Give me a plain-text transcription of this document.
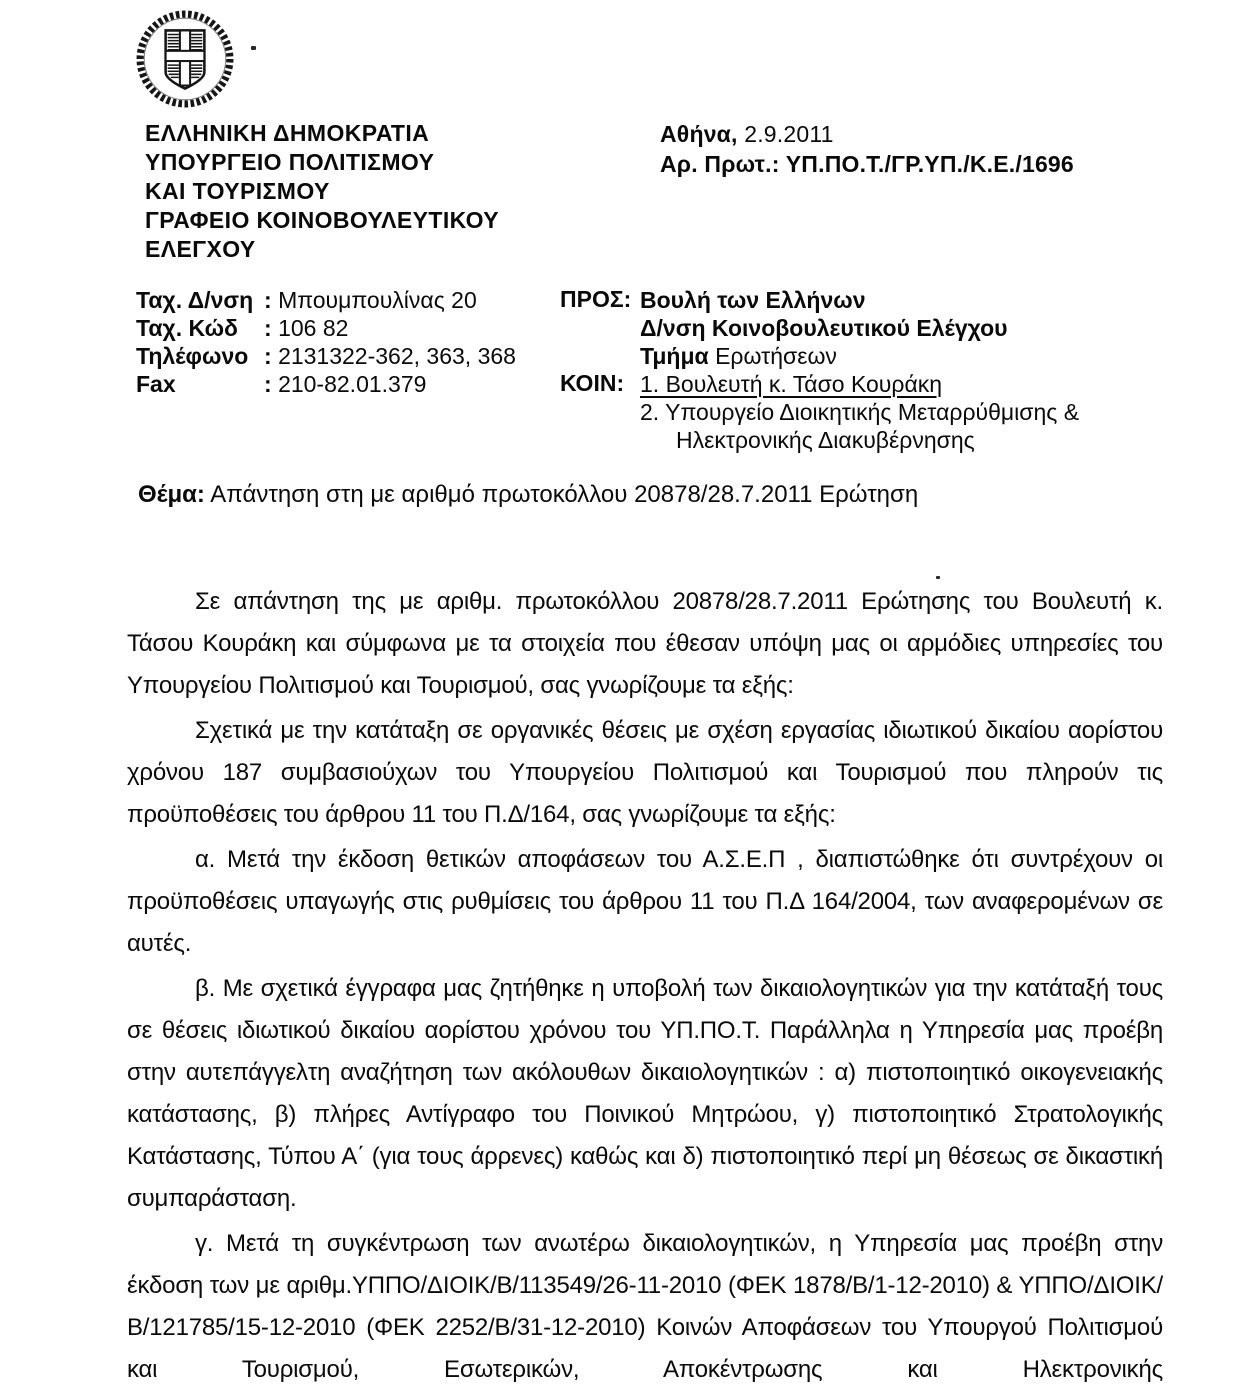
ΕΛΛΗΝΙΚΗ ΔΗΜΟΚΡΑΤΙΑ
ΥΠΟΥΡΓΕΙΟ ΠΟΛΙΤΙΣΜΟΥ
ΚΑΙ ΤΟΥΡΙΣΜΟΥ
ΓΡΑΦΕΙΟ ΚΟΙΝΟΒΟΥΛΕΥΤΙΚΟΥ
ΕΛΕΓΧΟΥ
Αθήνα, 2.9.2011
Αρ. Πρωτ.: ΥΠ.ΠΟ.Τ./ΓΡ.ΥΠ./Κ.Ε./1696
Ταχ. Δ/νση : Μπουμπουλίνας 20
Ταχ. Κώδ : 106 82
Τηλέφωνο : 2131322-362, 363, 368
Fax	: 210-82.01.379
ΠΡΟΣ:
ΚΟΙΝ:
Βουλή των Ελλήνων
Δ/νση Κοινοβουλευτικού Ελέγχου
Τμήμα Ερωτήσεων
1. Βουλευτή κ. Τάσο Κουράκη
2. Υπουργείο Διοικητικής Μεταρρύθμισης &
Ηλεκτρονικής Διακυβέρνησης
Θέμα: Απάντηση στη με αριθμό πρωτοκόλλου 20878/28.7.2011 Ερώτηση

Σε απάντηση της με αριθμ. πρωτοκόλλου 20878/28.7.2011 Ερώτησης του Βουλευτή κ. Τάσου Κουράκη και σύμφωνα με τα στοιχεία που έθεσαν υπόψη μας οι αρμόδιες υπηρεσίες του Υπουργείου Πολιτισμού και Τουρισμού, σας γνωρίζουμε τα εξής:

Σχετικά με την κατάταξη σε οργανικές θέσεις με σχέση εργασίας ιδιωτικού δικαίου αορίστου χρόνου 187 συμβασιούχων του Υπουργείου Πολιτισμού και Τουρισμού που πληρούν τις προϋποθέσεις του άρθρου 11 του Π.Δ/164, σας γνωρίζουμε τα εξής:

α. Μετά την έκδοση θετικών αποφάσεων του Α.Σ.Ε.Π , διαπιστώθηκε ότι συντρέχουν οι προϋποθέσεις υπαγωγής στις ρυθμίσεις του άρθρου 11 του Π.Δ 164/2004, των αναφερομένων σε αυτές.

β. Με σχετικά έγγραφα μας ζητήθηκε η υποβολή των δικαιολογητικών για την κατάταξή τους σε θέσεις ιδιωτικού δικαίου αορίστου χρόνου του ΥΠ.ΠΟ.Τ. Παράλληλα η Υπηρεσία μας προέβη στην αυτεπάγγελτη αναζήτηση των ακόλουθων δικαιολογητικών : α) πιστοποιητικό οικογενειακής κατάστασης, β) πλήρες Αντίγραφο του Ποινικού Μητρώου, γ) πιστοποιητικό Στρατολογικής Κατάστασης, Τύπου Α΄ (για τους άρρενες) καθώς και δ) πιστοποιητικό περί μη θέσεως σε δικαστική συμπαράσταση.

γ. Μετά τη συγκέντρωση των ανωτέρω δικαιολογητικών, η Υπηρεσία μας προέβη στην έκδοση των με αριθμ.ΥΠΠΟ/ΔΙΟΙΚ/Β/113549/26-11-2010 (ΦΕΚ 1878/Β/1-12-2010) & ΥΠΠΟ/ΔΙΟΙΚ/Β/121785/15-12-2010 (ΦΕΚ 2252/Β/31-12-2010) Κοινών Αποφάσεων του Υπουργού Πολιτισμού και Τουρισμού, Εσωτερικών, Αποκέντρωσης και Ηλεκτρονικής
